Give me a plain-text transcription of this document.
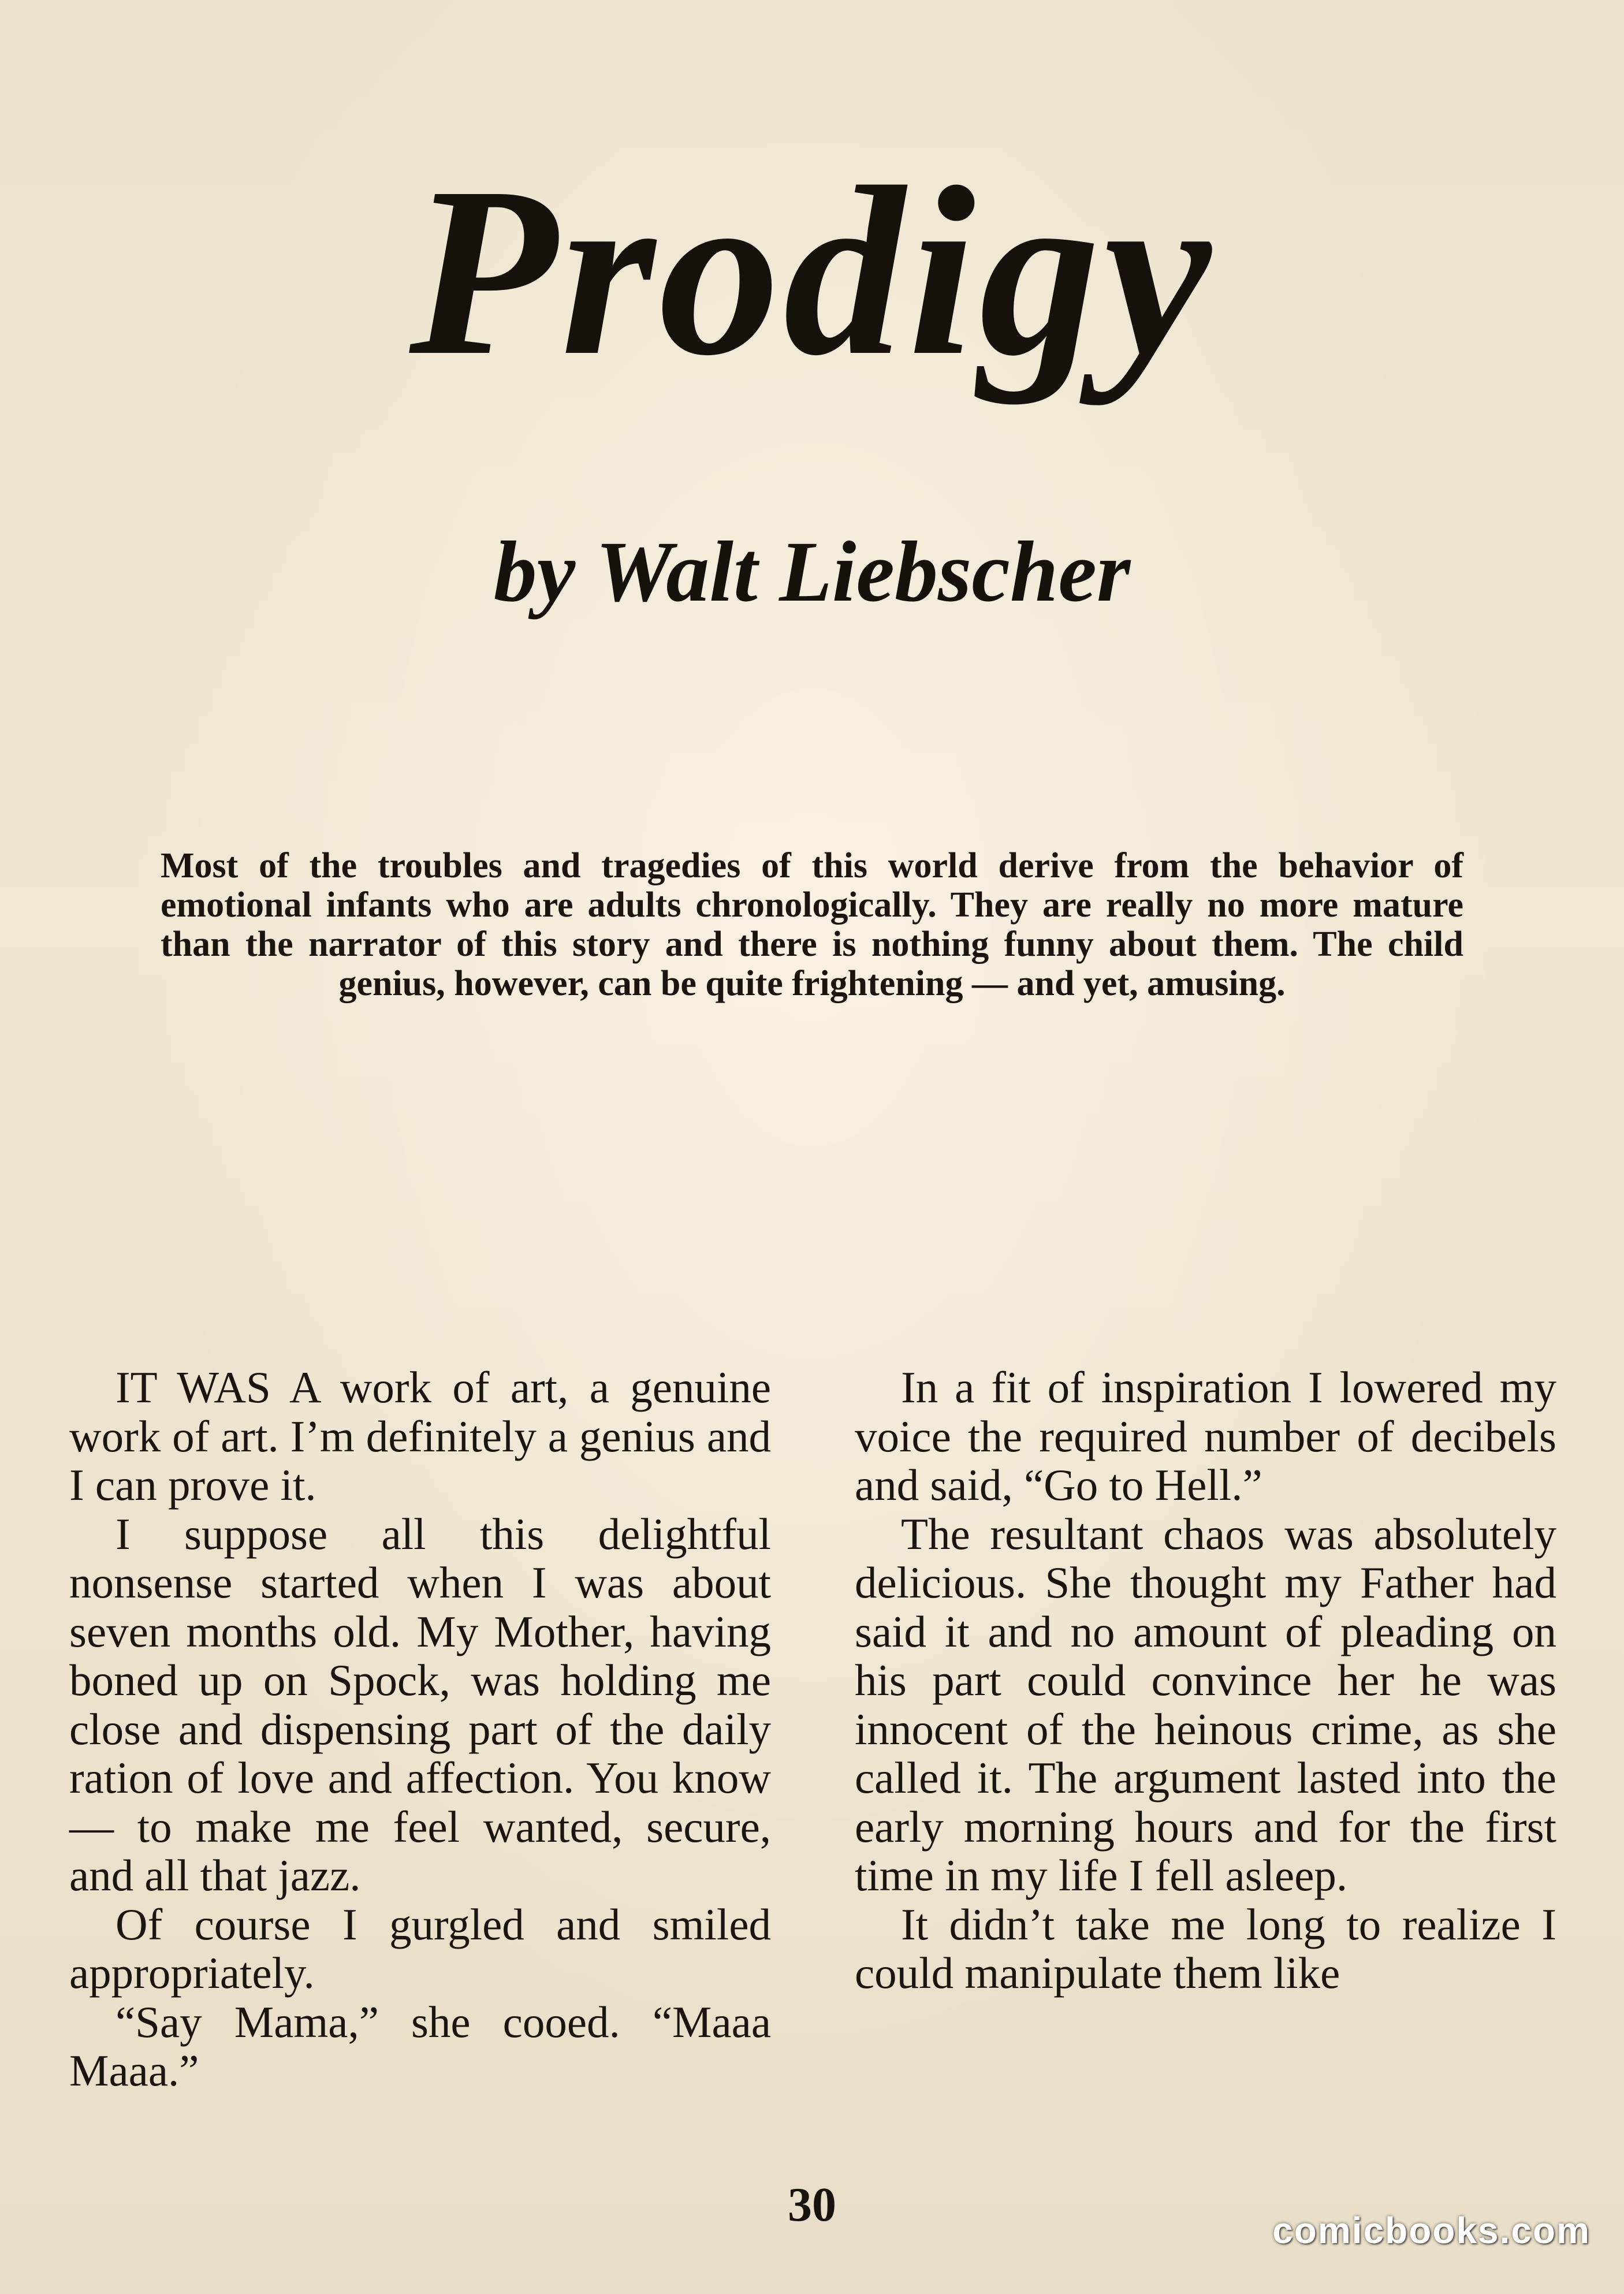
Prodigy
by Walt Liebscher

Most of the troubles and tragedies of this world derive from the behavior of emotional infants who are adults chronologically. They are really no more mature than the narrator of this story and there is nothing funny about them. The child genius, however, can be quite frightening — and yet, amusing.

IT WAS A work of art, a genuine work of art. I’m definitely a genius and I can prove it.

I suppose all this delightful nonsense started when I was about seven months old. My Mother, having boned up on Spock, was holding me close and dispensing part of the daily ration of love and affection. You know — to make me feel wanted, secure, and all that jazz.

Of course I gurgled and smiled appropriately.

“Say Mama,” she cooed. “Maaa Maaa.”

In a fit of inspiration I lowered my voice the required number of decibels and said, “Go to Hell.”

The resultant chaos was absolutely delicious. She thought my Father had said it and no amount of pleading on his part could convince her he was innocent of the heinous crime, as she called it. The argument lasted into the early morning hours and for the first time in my life I fell asleep.

It didn’t take me long to realize I could manipulate them like

30	comicbooks.com
